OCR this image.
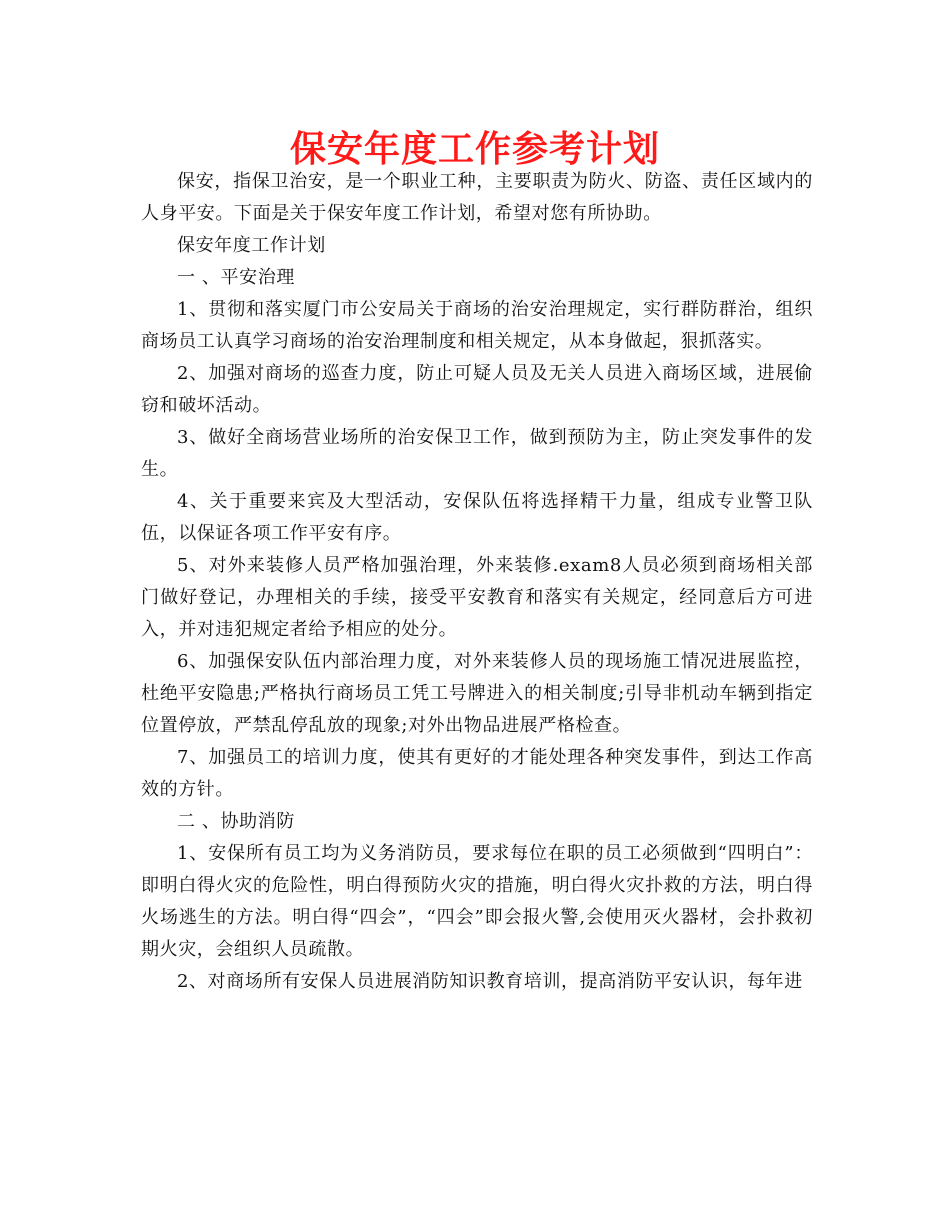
保安年度工作参考计划

保安，指保卫治安，是一个职业工种，主要职责为防火、防盗、责任区域内的人身平安。下面是关于保安年度工作计划，希望对您有所协助。

保安年度工作计划

一 、平安治理

1、贯彻和落实厦门市公安局关于商场的治安治理规定，实行群防群治，组织商场员工认真学习商场的治安治理制度和相关规定，从本身做起，狠抓落实。

2、加强对商场的巡查力度，防止可疑人员及无关人员进入商场区域，进展偷窃和破坏活动。

3、做好全商场营业场所的治安保卫工作，做到预防为主，防止突发事件的发生。

4、关于重要来宾及大型活动，安保队伍将选择精干力量，组成专业警卫队伍，以保证各项工作平安有序。

5、对外来装修人员严格加强治理，外来装修.exam8人员必须到商场相关部门做好登记，办理相关的手续，接受平安教育和落实有关规定，经同意后方可进入，并对违犯规定者给予相应的处分。

6、加强保安队伍内部治理力度，对外来装修人员的现场施工情况进展监控，杜绝平安隐患;严格执行商场员工凭工号牌进入的相关制度;引导非机动车辆到指定位置停放，严禁乱停乱放的现象;对外出物品进展严格检查。

7、加强员工的培训力度，使其有更好的才能处理各种突发事件，到达工作高效的方针。

二 、协助消防

1、安保所有员工均为义务消防员，要求每位在职的员工必须做到“四明白”：即明白得火灾的危险性，明白得预防火灾的措施，明白得火灾扑救的方法，明白得火场逃生的方法。明白得“四会”，“四会”即会报火警,会使用灭火器材，会扑救初期火灾，会组织人员疏散。

2、对商场所有安保人员进展消防知识教育培训，提高消防平安认识，每年进
